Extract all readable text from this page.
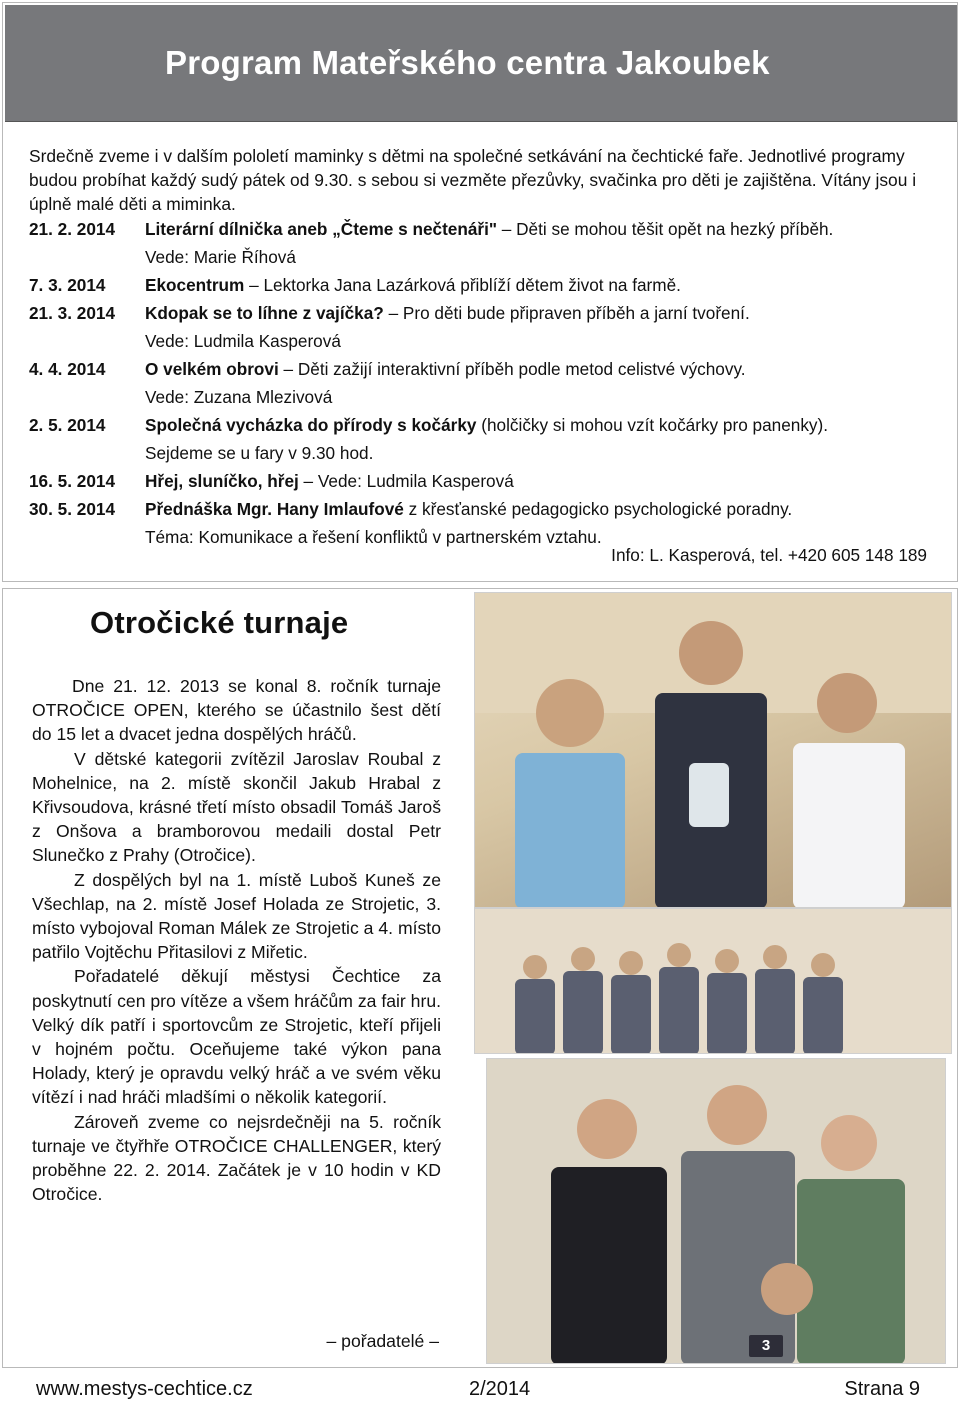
Program Mateřského centra Jakoubek
Srdečně zveme i v dalším pololetí maminky s dětmi na společné setkávání na čechtické faře. Jednotlivé programy budou probíhat každý sudý pátek od 9.30. s sebou si vezměte přezůvky, svačinka pro děti je zajištěna. Vítány jsou i úplně malé děti a miminka.
21. 2. 2014	Literární dílnička aneb „Čteme s nečtenáři" – Děti se mohou těšit opět na hezký příběh.
Vede: Marie Říhová
7. 3. 2014	Ekocentrum – Lektorka Jana Lazárková přiblíží dětem život na farmě.
21. 3. 2014	Kdopak se to líhne z vajíčka? – Pro děti bude připraven příběh a jarní tvoření.
Vede: Ludmila Kasperová
4. 4. 2014	O velkém obrovi – Děti zažijí interaktivní příběh podle metod celistvé výchovy.
Vede: Zuzana Mlezivová
2. 5. 2014	Společná vycházka do přírody s kočárky (holčičky si mohou vzít kočárky pro panenky).
Sejdeme se u fary v 9.30 hod.
16. 5. 2014	Hřej, sluníčko, hřej – Vede: Ludmila Kasperová
30. 5. 2014	Přednáška Mgr. Hany Imlaufové z křesťanské pedagogicko psychologické poradny.
Téma: Komunikace a řešení konfliktů v partnerském vztahu.
Info: L. Kasperová, tel. +420 605 148 189
Otročické turnaje

Dne 21. 12. 2013 se konal 8. ročník turnaje OTROČICE OPEN, kterého se účastnilo šest dětí do 15 let a dvacet jedna dospělých hráčů.

V dětské kategorii zvítězil Jaroslav Roubal z Mohelnice, na 2. místě skončil Jakub Hrabal z Křivsoudova, krásné třetí místo obsadil Tomáš Jaroš z Onšova a bramborovou medaili dostal Petr Slunečko z Prahy (Otročice).

Z dospělých byl na 1. místě Luboš Kuneš ze Všechlap, na 2. místě Josef Holada ze Strojetic, 3. místo vybojoval Roman Málek ze Strojetic a 4. místo patřilo Vojtěchu Přitasilovi z Miřetic.

Pořadatelé děkují městysi Čechtice za poskytnutí cen pro vítěze a všem hráčům za fair hru. Velký dík patří i sportovcům ze Strojetic, kteří přijeli v hojném počtu. Oceňujeme také výkon pana Holady, který je opravdu velký hráč a ve svém věku vítězí i nad hráči mladšími o několik kategorií.

Zároveň zveme co nejsrdečněji na 5. ročník turnaje ve čtyřhře OTROČICE CHALLENGER, který proběhne 22. 2. 2014. Začátek je v 10 hodin v KD Otročice.

– pořadatelé –	3
www.mestys-cechtice.cz	2/2014	Strana 9
